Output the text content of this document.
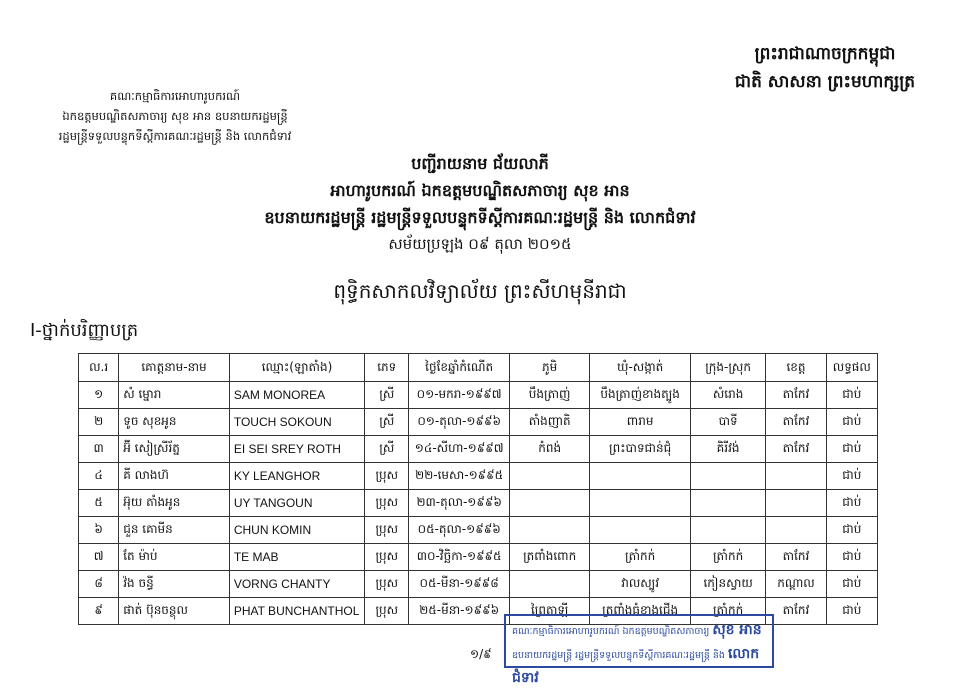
ព្រះរាជាណាចក្រកម្ពុជា
ជាតិ សាសនា ព្រះមហាក្សត្រ
គណៈកម្មាធិការអោហារូបករណ៍
ឯកឧត្តមបណ្ឌិតសភាចារ្យ សុខ អាន ឧបនាយករដ្ឋមន្ត្រី
រដ្ឋមន្ត្រីទទួលបន្ទុកទីស្តីការគណៈរដ្ឋមន្ត្រី និង លោកជំទាវ
បញ្ជីរាយនាម ជ័យលាភី
អាហារូបករណ៍ ឯកឧត្តមបណ្ឌិតសភាចារ្យ សុខ អាន
ឧបនាយករដ្ឋមន្ត្រី រដ្ឋមន្ត្រីទទួលបន្ទុកទីស្តីការគណៈរដ្ឋមន្ត្រី និង លោកជំទាវ
សម័យប្រឡង ០៩ តុលា ២០១៥
ពុទ្ធិកសាកលវិទ្យាល័យ ព្រះសីហមុនីរាជា
I-ថ្នាក់បរិញ្ញាបត្រ
ល.រ	គោត្តនាម-នាម	ឈ្មោះ(ឡាតាំង)	ភេទ	ថ្ងៃខែឆ្នាំកំណើត	ភូមិ	ឃុំ-សង្កាត់	ក្រុង-ស្រុក	ខេត្ត	លទ្ធផល
១	សំ ម្នោរា	SAM MONOREA	ស្រី	០១-មករា-១៩៩៧	បឹងត្រាញ់	បឹងត្រាញ់ខាងត្បូង	សំរោង	តាកែវ	ជាប់
២	ទូច សុខអូន	TOUCH SOKOUN	ស្រី	០១-តុលា-១៩៩៦	តាំងញាតិ	ពារាម	បាទី	តាកែវ	ជាប់
៣	អ៊ី សៀស្រីរ័ត្ន	EI SEI SREY ROTH	ស្រី	១៤-សីហា-១៩៩៧	កំពង់	ព្រះបាទជាន់ជុំ	គិរីវង់	តាកែវ	ជាប់
៤	គី លាងហ៊	KY LEANGHOR	ប្រុស	២២-មេសា-១៩៩៥					ជាប់
៥	អ៊ុយ តាំងអូន	UY TANGOUN	ប្រុស	២៣-តុលា-១៩៩៦					ជាប់
៦	ជួន គោមីន	CHUN KOMIN	ប្រុស	០៥-តុលា-១៩៩៦					ជាប់
៧	តែ ម៉ាប់	TE MAB	ប្រុស	៣០-វិច្ឆិកា-១៩៩៥	ត្រពាំងពោក	ត្រាំកក់	ត្រាំកក់	តាកែវ	ជាប់
៨	វ៉ង ចន្ធី	VORNG CHANTY	ប្រុស	០៥-មីនា-១៩៩៨		វាលស្បូវ	កៀនស្វាយ	កណ្តាល	ជាប់
៩	ផាត់ ប៊ុនចន្ថុល	PHAT BUNCHANTHOL	ប្រុស	២៥-មីនា-១៩៩៦	ព្រៃតាឡី	ត្រពាំងធំខាងជើង	ត្រាំកក់	តាកែវ	ជាប់
១/៩
គណៈកម្មាធិការអោហារូបករណ៍ ឯកឧត្តមបណ្ឌិតសភាចារ្យ សុខ អាន
ឧបនាយករដ្ឋមន្ត្រី រដ្ឋមន្ត្រីទទួលបន្ទុកទីស្តីការគណៈរដ្ឋមន្ត្រី និង លោកជំទាវ
